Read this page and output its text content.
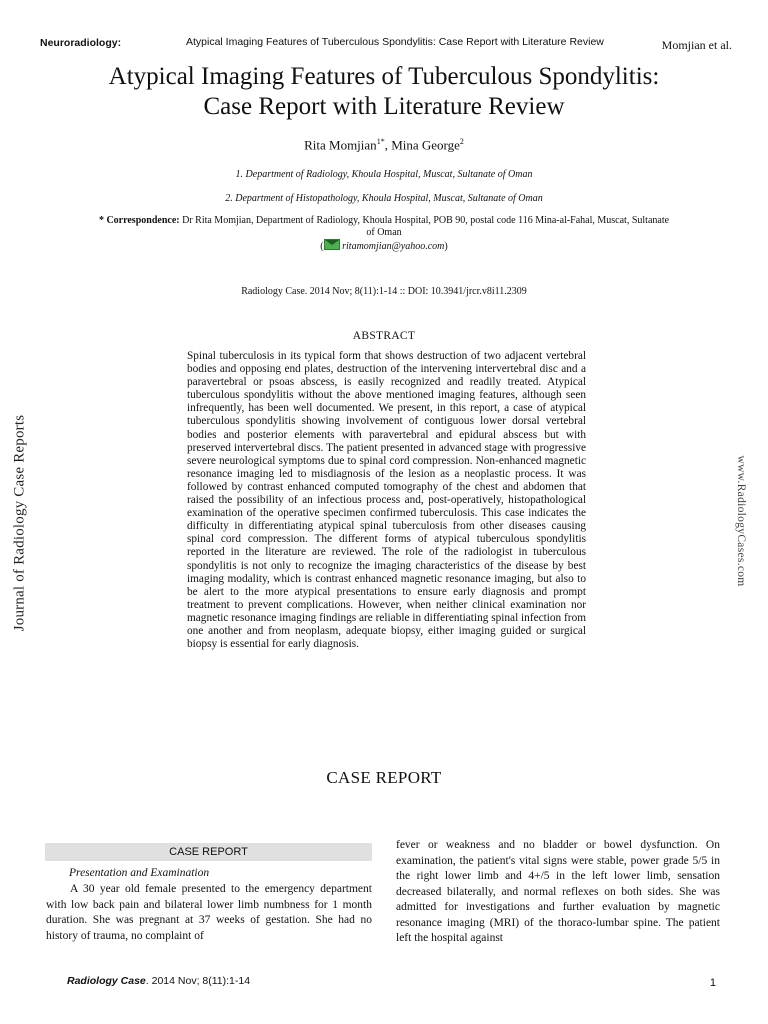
Neuroradiology:	Atypical Imaging Features of Tuberculous Spondylitis: Case Report with Literature Review	Momjian et al.
Atypical Imaging Features of Tuberculous Spondylitis:
Case Report with Literature Review
Rita Momjian$^{1*}$, Mina George$^2$
1. Department of Radiology, Khoula Hospital, Muscat, Sultanate of Oman
2. Department of Histopathology, Khoula Hospital, Muscat, Sultanate of Oman
* Correspondence: Dr Rita Momjian, Department of Radiology, Khoula Hospital, POB 90, postal code 116 Mina-al-Fahal, Muscat, Sultanate of Oman
( ritamomjian@yahoo.com)
Radiology Case. 2014 Nov; 8(11):1-14 :: DOI: 10.3941/jrcr.v8i11.2309
ABSTRACT
Spinal tuberculosis in its typical form that shows destruction of two adjacent vertebral bodies and opposing end plates, destruction of the intervening intervertebral disc and a paravertebral or psoas abscess, is easily recognized and readily treated. Atypical tuberculous spondylitis without the above mentioned imaging features, although seen infrequently, has been well documented. We present, in this report, a case of atypical tuberculous spondylitis showing involvement of contiguous lower dorsal vertebral bodies and posterior elements with paravertebral and epidural abscess but with preserved intervertebral discs. The patient presented in advanced stage with progressive severe neurological symptoms due to spinal cord compression. Non-enhanced magnetic resonance imaging led to misdiagnosis of the lesion as a neoplastic process. It was followed by contrast enhanced computed tomography of the chest and abdomen that raised the possibility of an infectious process and, post-operatively, histopathological examination of the operative specimen confirmed tuberculosis. This case indicates the difficulty in differentiating atypical spinal tuberculosis from other diseases causing spinal cord compression. The different forms of atypical tuberculous spondylitis reported in the literature are reviewed. The role of the radiologist in tuberculous spondylitis is not only to recognize the imaging characteristics of the disease by best imaging modality, which is contrast enhanced magnetic resonance imaging, but also to be alert to the more atypical presentations to ensure early diagnosis and prompt treatment to prevent complications. However, when neither clinical examination nor magnetic resonance imaging findings are reliable in differentiating spinal infection from one another and from neoplasm, adequate biopsy, either imaging guided or surgical biopsy is essential for early diagnosis.
Journal of Radiology Case Reports	www.RadiologyCases.com
CASE REPORT
CASE REPORT
Presentation and Examination
A 30 year old female presented to the emergency department with low back pain and bilateral lower limb numbness for 1 month duration. She was pregnant at 37 weeks of gestation. She had no history of trauma, no complaint of
fever or weakness and no bladder or bowel dysfunction. On examination, the patient's vital signs were stable, power grade 5/5 in the right lower limb and 4+/5 in the left lower limb, sensation decreased bilaterally, and normal reflexes on both sides. She was admitted for investigations and further evaluation by magnetic resonance imaging (MRI) of the thoraco-lumbar spine. The patient left the hospital against
Radiology Case. 2014 Nov; 8(11):1-14	1
